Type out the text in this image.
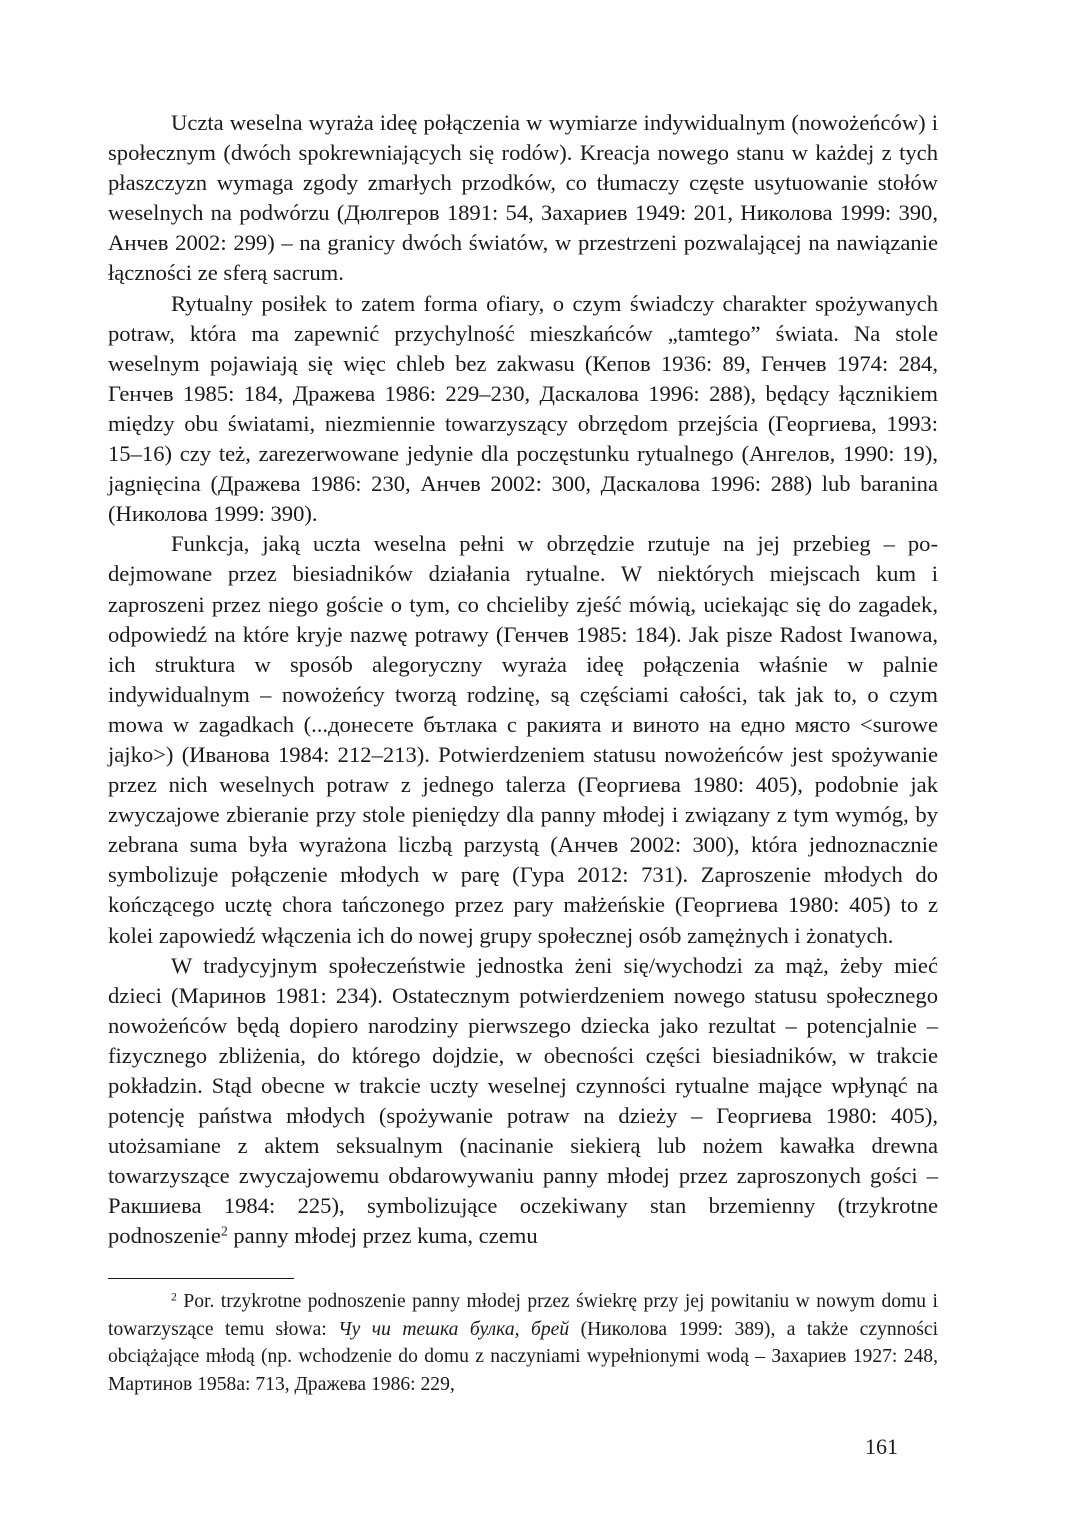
Uczta weselna wyraża ideę połączenia w wymiarze indywidualnym (nowożeńców) i społecznym (dwóch spokrewniających się rodów). Kreacja nowego stanu w każdej z tych płaszczyzn wymaga zgody zmarłych przodków, co tłumaczy częste usytuowanie stołów weselnych na podwórzu (Дюлгеров 1891: 54, Захариев 1949: 201, Николова 1999: 390, Анчев 2002: 299) – na granicy dwóch światów, w przestrzeni pozwalającej na nawiązanie łączności ze sferą sacrum.

Rytualny posiłek to zatem forma ofiary, o czym świadczy charakter spożywanych potraw, która ma zapewnić przychylność mieszkańców „tamtego” świata. Na stole weselnym pojawiają się więc chleb bez zakwasu (Кепов 1936: 89, Генчев 1974: 284, Генчев 1985: 184, Дражева 1986: 229–230, Даскалова 1996: 288), będący łącznikiem między obu światami, niezmiennie towarzyszący obrzędom przejścia (Георгиева, 1993: 15–16) czy też, zarezerwowane jedynie dla poczęstunku rytualnego (Ангелов, 1990: 19), jagnięcina (Дражева 1986: 230, Анчев 2002: 300, Даскалова 1996: 288) lub baranina (Николова 1999: 390).

Funkcja, jaką uczta weselna pełni w obrzędzie rzutuje na jej przebieg – podejmowane przez biesiadników działania rytualne. W niektórych miejscach kum i zaproszeni przez niego goście o tym, co chcieliby zjeść mówią, uciekając się do zagadek, odpowiedź na które kryje nazwę potrawy (Генчев 1985: 184). Jak pisze Radost Iwanowa, ich struktura w sposób alegoryczny wyraża ideę połączenia właśnie w palnie indywidualnym – nowożeńcy tworzą rodzinę, są częściami całości, tak jak to, o czym mowa w zagadkach (...донесете бътлака с ракията и виното на едно място <surowe jajko>) (Иванова 1984: 212–213). Potwierdzeniem statusu nowożeńców jest spożywanie przez nich weselnych potraw z jednego talerza (Георгиева 1980: 405), podobnie jak zwyczajowe zbieranie przy stole pieniędzy dla panny młodej i związany z tym wymóg, by zebrana suma była wyrażona liczbą parzystą (Анчев 2002: 300), która jednoznacznie symbolizuje połączenie młodych w parę (Гура 2012: 731). Zaproszenie młodych do kończącego ucztę chora tańczonego przez pary małżeńskie (Георгиева 1980: 405) to z kolei zapowiedź włączenia ich do nowej grupy społecznej osób zamężnych i żonatych.

W tradycyjnym społeczeństwie jednostka żeni się/wychodzi za mąż, żeby mieć dzieci (Маринов 1981: 234). Ostatecznym potwierdzeniem nowego statusu społecznego nowożeńców będą dopiero narodziny pierwszego dziecka jako rezultat – potencjalnie – fizycznego zbliżenia, do którego dojdzie, w obecności części biesiadników, w trakcie pokładzin. Stąd obecne w trakcie uczty weselnej czynności rytualne mające wpłynąć na potencję państwa młodych (spożywanie potraw na dzieży – Георгиева 1980: 405), utożsamiane z aktem seksualnym (nacinanie siekierą lub nożem kawałka drewna towarzyszące zwyczajowemu obdarowywaniu panny młodej przez zaproszonych gości – Ракшиева 1984: 225), symbolizujące oczekiwany stan brzemienny (trzykrotne podnoszenie$^2$ panny młodej przez kuma, czemu

$^2$ Por. trzykrotne podnoszenie panny młodej przez świekrę przy jej powitaniu w nowym domu i towarzyszące temu słowa: Чу чи тешка булка, брей (Николова 1999: 389), a także czynności obciążające młodą (np. wchodzenie do domu z naczyniami wypełnionymi wodą – Захариев 1927: 248, Мартинов 1958а: 713, Дражева 1986: 229,

161
